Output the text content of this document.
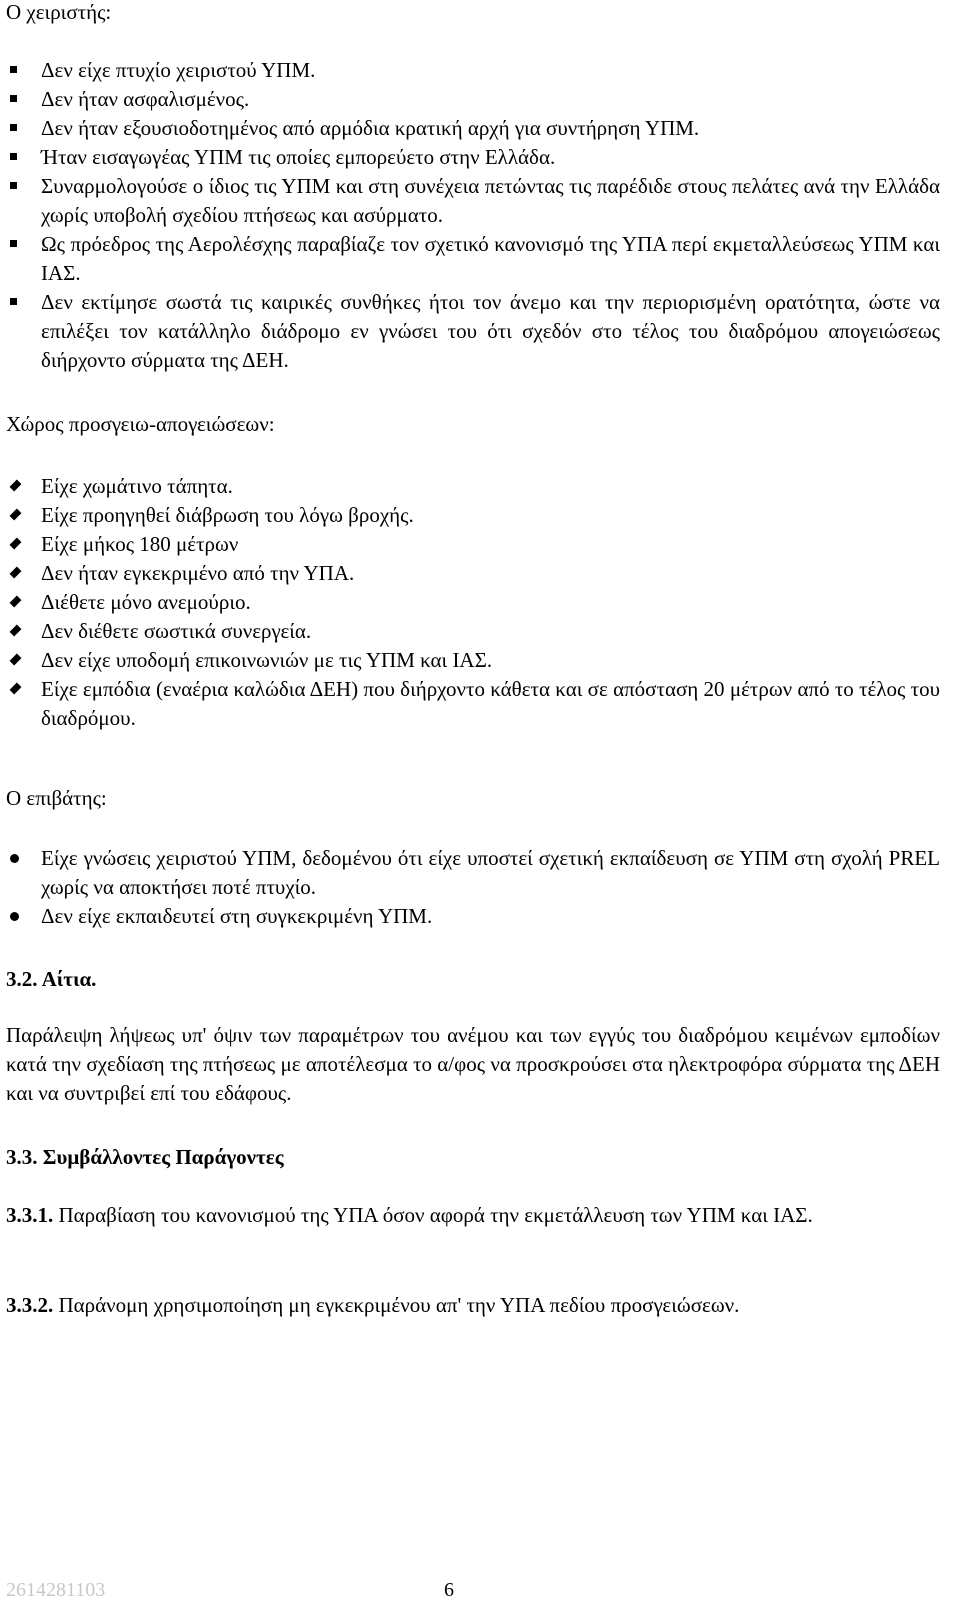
Ο χειριστής:
Δεν είχε πτυχίο χειριστού ΥΠΜ.
Δεν ήταν ασφαλισμένος.
Δεν ήταν εξουσιοδοτημένος από αρμόδια κρατική αρχή για συντήρηση ΥΠΜ.
Ήταν εισαγωγέας ΥΠΜ τις οποίες εμπορεύετο στην Ελλάδα.
Συναρμολογούσε ο ίδιος τις ΥΠΜ και στη συνέχεια πετώντας τις παρέδιδε στους πελάτες ανά την Ελλάδα χωρίς υποβολή σχεδίου πτήσεως και ασύρματο.
Ως πρόεδρος της Αερολέσχης παραβίαζε τον σχετικό κανονισμό της ΥΠΑ περί εκμεταλλεύσεως ΥΠΜ και ΙΑΣ.
Δεν εκτίμησε σωστά τις καιρικές συνθήκες ήτοι τον άνεμο και την περιορισμένη ορατότητα, ώστε να επιλέξει τον κατάλληλο διάδρομο εν γνώσει του ότι σχεδόν στο τέλος του διαδρόμου απογειώσεως διήρχοντο σύρματα της ΔΕΗ.
Χώρος προσγειω-απογειώσεων:
Είχε χωμάτινο τάπητα.
Είχε προηγηθεί διάβρωση του λόγω βροχής.
Είχε μήκος 180 μέτρων
Δεν ήταν εγκεκριμένο από την ΥΠΑ.
Διέθετε μόνο ανεμούριο.
Δεν διέθετε σωστικά συνεργεία.
Δεν είχε υποδομή επικοινωνιών με τις ΥΠΜ και ΙΑΣ.
Είχε εμπόδια (εναέρια καλώδια ΔΕΗ) που διήρχοντο κάθετα και σε απόσταση 20 μέτρων από το τέλος του διαδρόμου.
Ο επιβάτης:
Είχε γνώσεις χειριστού ΥΠΜ, δεδομένου ότι είχε υποστεί σχετική εκπαίδευση σε ΥΠΜ στη σχολή PREL χωρίς να αποκτήσει ποτέ πτυχίο.
Δεν είχε εκπαιδευτεί στη συγκεκριμένη ΥΠΜ.
3.2. Αίτια.

Παράλειψη λήψεως υπ' όψιν των παραμέτρων του ανέμου και των εγγύς του διαδρόμου κειμένων εμποδίων κατά την σχεδίαση της πτήσεως με αποτέλεσμα το α/φος να προσκρούσει στα ηλεκτροφόρα σύρματα της ΔΕΗ και να συντριβεί επί του εδάφους.

3.3. Συμβάλλοντες Παράγοντες

3.3.1. Παραβίαση του κανονισμού της ΥΠΑ όσον αφορά την εκμετάλλευση των ΥΠΜ και ΙΑΣ.

3.3.2. Παράνομη χρησιμοποίηση μη εγκεκριμένου απ' την ΥΠΑ πεδίου προσγειώσεων.

2614281103	6
